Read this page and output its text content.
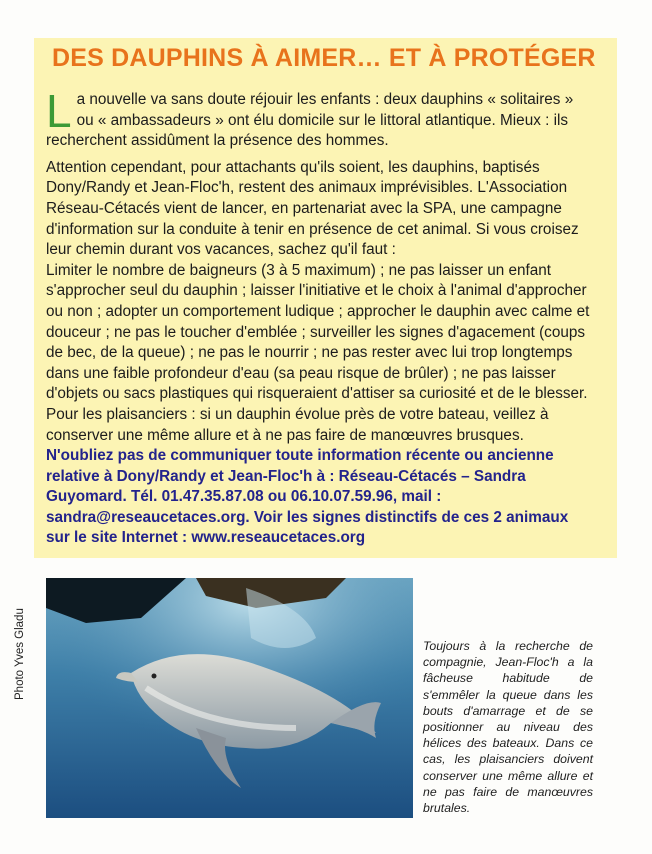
DES DAUPHINS À AIMER… ET À PROTÉGER

La nouvelle va sans doute réjouir les enfants : deux dauphins « solitaires » ou « ambassadeurs » ont élu domicile sur le littoral atlantique. Mieux : ils recherchent assidûment la présence des hommes.

Attention cependant, pour attachants qu'ils soient, les dauphins, baptisés Dony/Randy et Jean-Floc'h, restent des animaux imprévisibles. L'Association Réseau-Cétacés vient de lancer, en partenariat avec la SPA, une campagne d'information sur la conduite à tenir en présence de cet animal. Si vous croisez leur chemin durant vos vacances, sachez qu'il faut :

Limiter le nombre de baigneurs (3 à 5 maximum) ; ne pas laisser un enfant s'approcher seul du dauphin ; laisser l'initiative et le choix à l'animal d'approcher ou non ; adopter un comportement ludique ; approcher le dauphin avec calme et douceur ; ne pas le toucher d'emblée ; surveiller les signes d'agacement (coups de bec, de la queue) ; ne pas le nourrir ; ne pas rester avec lui trop longtemps dans une faible profondeur d'eau (sa peau risque de brûler) ; ne pas laisser d'objets ou sacs plastiques qui risqueraient d'attiser sa curiosité et de le blesser.

Pour les plaisanciers : si un dauphin évolue près de votre bateau, veillez à conserver une même allure et à ne pas faire de manœuvres brusques.

N'oubliez pas de communiquer toute information récente ou ancienne relative à Dony/Randy et Jean-Floc'h à : Réseau-Cétacés – Sandra Guyomard. Tél. 01.47.35.87.08 ou 06.10.07.59.96, mail : sandra@reseaucetaces.org. Voir les signes distinctifs de ces 2 animaux sur le site Internet : www.reseaucetaces.org

Photo Yves Gladu	Toujours à la recherche de compagnie, Jean-Floc'h a la fâcheuse habitude de s'emmêler la queue dans les bouts d'amarrage et de se positionner au niveau des hélices des bateaux. Dans ce cas, les plaisanciers doivent conserver une même allure et ne pas faire de manœuvres brutales.
